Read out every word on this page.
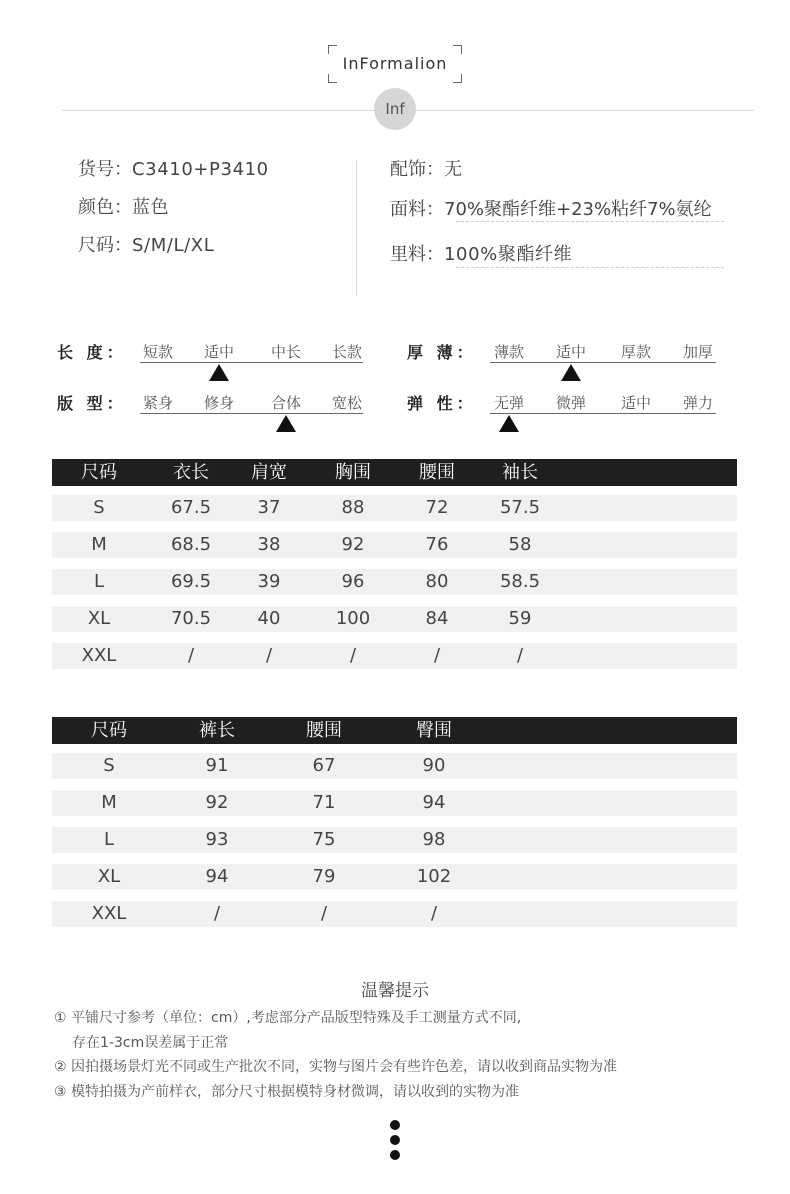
InFormalion
Inf
货号：C3410+P3410
颜色：蓝色
尺码：S/M/L/XL
配饰：无
面料：70%聚酯纤维+23%粘纤7%氨纶
里料：100%聚酯纤维
长 度： 短款 适中 中长 长款	厚 薄： 薄款 适中 厚款 加厚
版 型： 紧身 修身 合体 宽松	弹 性： 无弹 微弹 适中 弹力
尺码	衣长	肩宽	胸围	腰围	袖长
S	67.5	37	88	72	57.5
M	68.5	38	92	76	58
L	69.5	39	96	80	58.5
XL	70.5	40	100	84	59
XXL	/	/	/	/	/
尺码	裤长	腰围	臀围
S	91	67	90
M	92	71	94
L	93	75	98
XL	94	79	102
XXL	/	/	/
温馨提示
① 平铺尺寸参考（单位：cm）,考虑部分产品版型特殊及手工测量方式不同,
存在1-3cm误差属于正常
② 因拍摄场景灯光不同或生产批次不同，实物与图片会有些许色差，请以收到商品实物为准
③ 模特拍摄为产前样衣，部分尺寸根据模特身材微调，请以收到的实物为准
